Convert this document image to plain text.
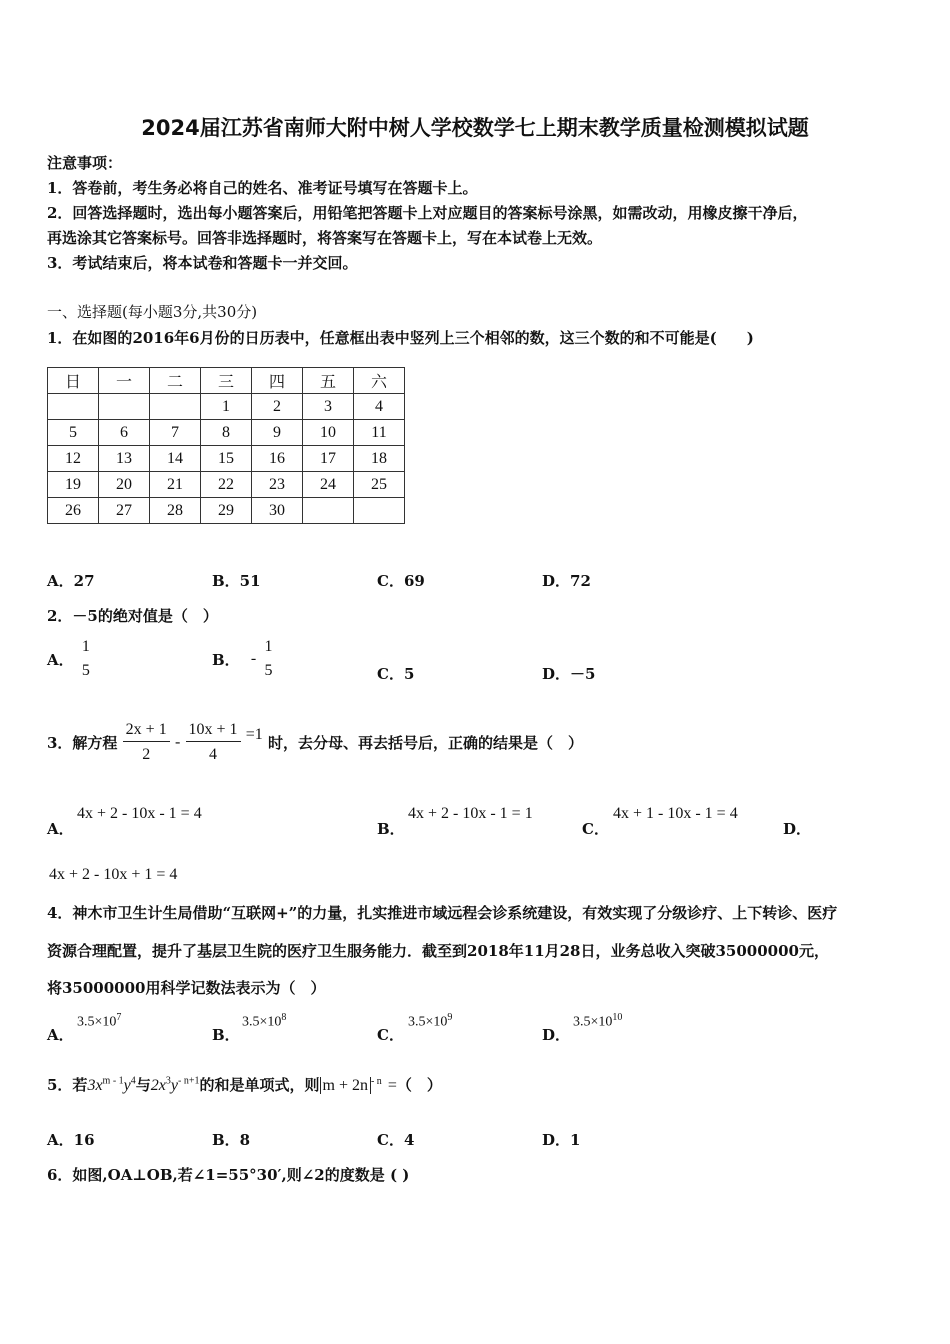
2024届江苏省南师大附中树人学校数学七上期末教学质量检测模拟试题
注意事项：
1．答卷前，考生务必将自己的姓名、准考证号填写在答题卡上。
2．回答选择题时，选出每小题答案后，用铅笔把答题卡上对应题目的答案标号涂黑，如需改动，用橡皮擦干净后，
再选涂其它答案标号。回答非选择题时，将答案写在答题卡上，写在本试卷上无效。
3．考试结束后，将本试卷和答题卡一并交回。
一、选择题(每小题3分,共30分)
1．在如图的2016年6月份的日历表中，任意框出表中竖列上三个相邻的数，这三个数的和不可能是(　　)
日	一	二	三	四	五	六
			1	2	3	4
5	6	7	8	9	10	11
12	13	14	15	16	17	18
19	20	21	22	23	24	25
26	27	28	29	30		
A．27	B．51	C．69	D．72
2．－5的绝对值是（　）
A．
1
5
B． -
1
5	C．5	D．－5
3．解方程 $\frac{2x + 1}{2} - \frac{10x + 1}{4} =1$ 时，去分母、再去括号后，正确的结果是（　）
A．
4x + 2 - 10x - 1 = 4
B．
4x + 2 - 10x - 1 = 1
C．
4x + 1 - 10x - 1 = 4
D．
4x + 2 - 10x + 1 = 4
4．神木市卫生计生局借助“互联网+”的力量，扎实推进市域远程会诊系统建设，有效实现了分级诊疗、上下转诊、医疗
资源合理配置，提升了基层卫生院的医疗卫生服务能力．截至到2018年11月28日，业务总收入突破35000000元，
将35000000用科学记数法表示为（　）
A．
$3.5\times 10^7$
B．
$3.5\times 10^8$
C．
$3.5\times 10^9$
D．
$3.5\times 10^{10}$
5．若$3x^{m - 1}y^4$与$2x^3y^{- n+1}$的和是单项式，则 m + 2n $^{- n}$ =（　）
A．16	B．8	C．4	D．1
6．如图,OA⊥OB,若∠1=55°30′,则∠2的度数是 ( )
